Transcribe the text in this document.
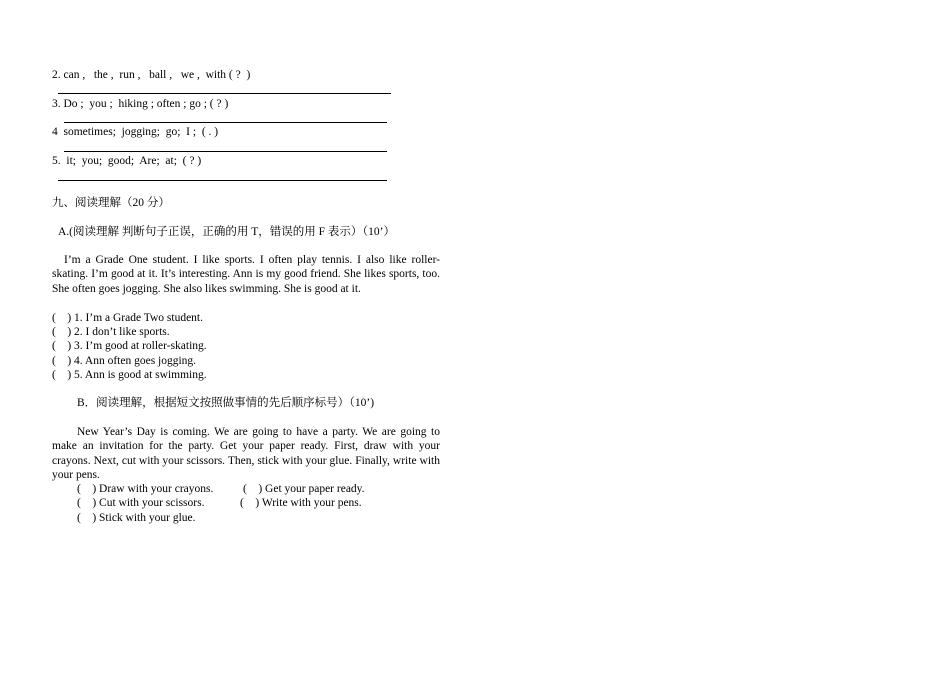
2. can ,   the ,  run ,   ball ,   we ,  with ( ?  )
3. Do ;  you ;  hiking ; often ; go ; ( ? )
4  sometimes;  jogging;  go;  I ;  ( . )
5.  it;  you;  good;  Are;  at;  ( ? )
九、阅读理解（20 分）
A.(阅读理解 判断句子正误，正确的用 T，错误的用 F 表示）（10’）
I’m a Grade One student. I like sports. I often play tennis. I also like roller-skating. I’m good at it. It’s interesting. Ann is my good friend. She likes sports, too. She often goes jogging. She also likes swimming. She is good at it.
(    ) 1. I’m a Grade Two student.
(    ) 2. I don’t like sports.
(    ) 3. I’m good at roller-skating.
(    ) 4. Ann often goes jogging.
(    ) 5. Ann is good at swimming.
B．阅读理解，根据短文按照做事情的先后顺序标号）（10’)
New Year’s Day is coming. We are going to have a party. We are going to make an invitation for the party. Get your paper ready. First, draw with your crayons. Next, cut with your scissors. Then, stick with your glue. Finally, write with your pens.
(    ) Draw with your crayons.	(    ) Get your paper ready.
(    ) Cut with your scissors.	(    ) Write with your pens.
(    ) Stick with your glue.
